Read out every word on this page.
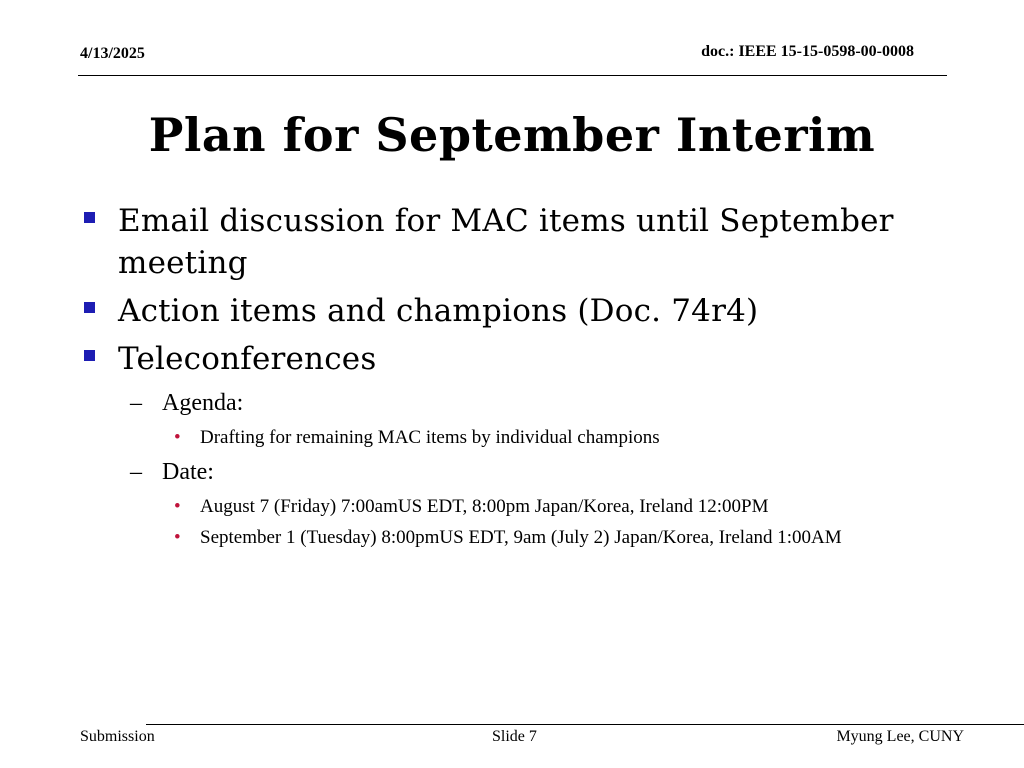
4/13/2025	doc.: IEEE 15-15-0598-00-0008
Plan for September Interim
Email discussion for MAC items until September meeting
Action items and champions (Doc. 74r4)
Teleconferences
– Agenda:
• Drafting for remaining MAC items by individual champions
– Date:
• August 7 (Friday) 7:00amUS EDT, 8:00pm Japan/Korea, Ireland 12:00PM
• September 1 (Tuesday) 8:00pmUS EDT, 9am (July 2) Japan/Korea, Ireland 1:00AM
Submission	Slide 7	Myung Lee, CUNY
